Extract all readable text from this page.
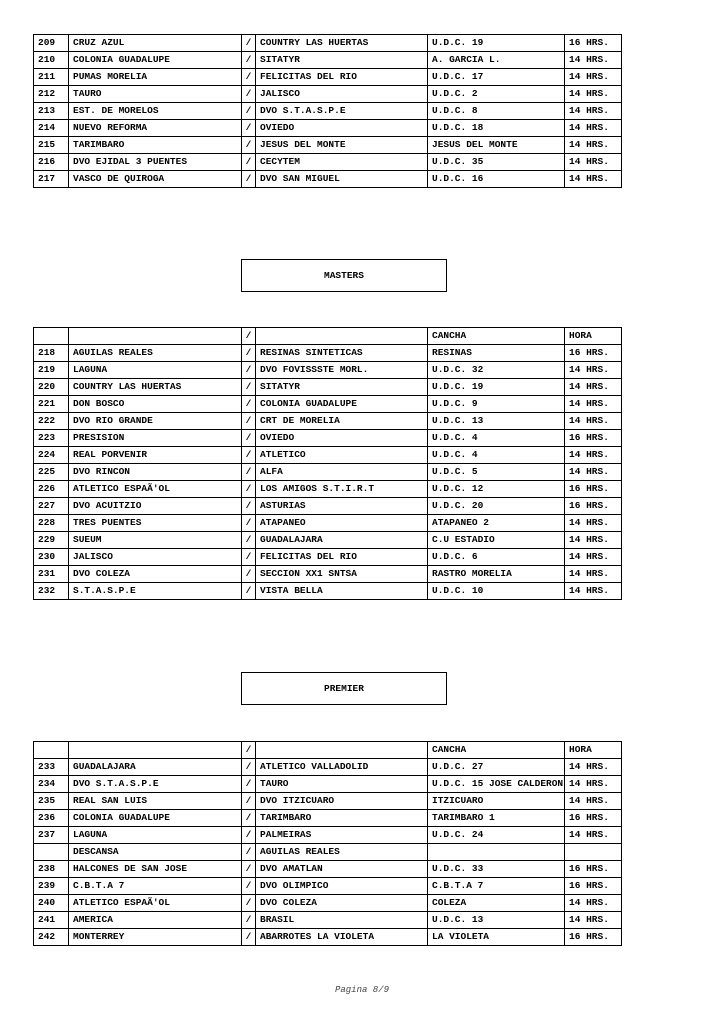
209	CRUZ AZUL	/	COUNTRY LAS HUERTAS	U.D.C. 19	16 HRS.
210	COLONIA GUADALUPE	/	SITATYR	A. GARCIA L.	14 HRS.
211	PUMAS MORELIA	/	FELICITAS DEL RIO	U.D.C. 17	14 HRS.
212	TAURO	/	JALISCO	U.D.C. 2	14 HRS.
213	EST. DE MORELOS	/	DVO S.T.A.S.P.E	U.D.C. 8	14 HRS.
214	NUEVO REFORMA	/	OVIEDO	U.D.C. 18	14 HRS.
215	TARIMBARO	/	JESUS DEL MONTE	JESUS DEL MONTE	14 HRS.
216	DVO EJIDAL 3 PUENTES	/	CECYTEM	U.D.C. 35	14 HRS.
217	VASCO DE QUIROGA	/	DVO SAN MIGUEL	U.D.C. 16	14 HRS.
MASTERS
		/		CANCHA	HORA
218	AGUILAS REALES	/	RESINAS SINTETICAS	RESINAS	16 HRS.
219	LAGUNA	/	DVO FOVISSSTE MORL.	U.D.C. 32	14 HRS.
220	COUNTRY LAS HUERTAS	/	SITATYR	U.D.C. 19	14 HRS.
221	DON BOSCO	/	COLONIA GUADALUPE	U.D.C. 9	14 HRS.
222	DVO RIO GRANDE	/	CRT DE MORELIA	U.D.C. 13	14 HRS.
223	PRESISION	/	OVIEDO	U.D.C. 4	16 HRS.
224	REAL PORVENIR	/	ATLETICO	U.D.C. 4	14 HRS.
225	DVO RINCON	/	ALFA	U.D.C. 5	14 HRS.
226	ATLETICO ESPAÃ'OL	/	LOS AMIGOS S.T.I.R.T	U.D.C. 12	16 HRS.
227	DVO ACUITZIO	/	ASTURIAS	U.D.C. 20	16 HRS.
228	TRES PUENTES	/	ATAPANEO	ATAPANEO 2	14 HRS.
229	SUEUM	/	GUADALAJARA	C.U ESTADIO	14 HRS.
230	JALISCO	/	FELICITAS DEL RIO	U.D.C. 6	14 HRS.
231	DVO COLEZA	/	SECCION XX1 SNTSA	RASTRO MORELIA	14 HRS.
232	S.T.A.S.P.E	/	VISTA BELLA	U.D.C. 10	14 HRS.
PREMIER
		/		CANCHA	HORA
233	GUADALAJARA	/	ATLETICO VALLADOLID	U.D.C. 27	14 HRS.
234	DVO S.T.A.S.P.E	/	TAURO	U.D.C. 15 JOSE CALDERON	14 HRS.
235	REAL SAN LUIS	/	DVO ITZICUARO	ITZICUARO	14 HRS.
236	COLONIA GUADALUPE	/	TARIMBARO	TARIMBARO 1	16 HRS.
237	LAGUNA	/	PALMEIRAS	U.D.C. 24	14 HRS.
	DESCANSA	/	AGUILAS REALES		
238	HALCONES DE SAN JOSE	/	DVO AMATLAN	U.D.C. 33	16 HRS.
239	C.B.T.A 7	/	DVO OLIMPICO	C.B.T.A 7	16 HRS.
240	ATLETICO ESPAÃ'OL	/	DVO COLEZA	COLEZA	14 HRS.
241	AMERICA	/	BRASIL	U.D.C. 13	14 HRS.
242	MONTERREY	/	ABARROTES LA VIOLETA	LA VIOLETA	16 HRS.
Pagina 8/9
